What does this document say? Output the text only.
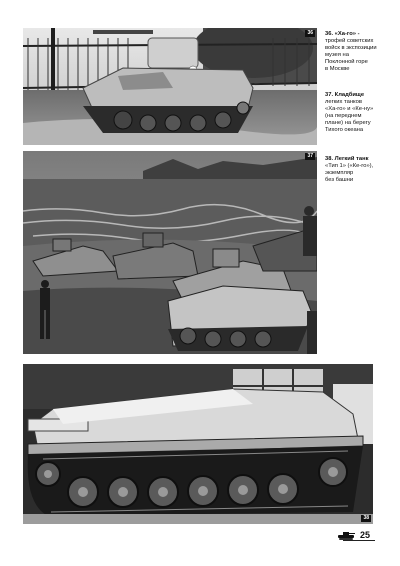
36
37
38
36. «Ха-го» -
трофей советских
войск в экспозиции
музея на
Поклонной горе
в Москве
37. Кладбище
легких танков
«Ха-го» и «Ке-ну»
(на переднем
плане) на берегу
Тихого океана
38. Легкий танк
«Тип 1» («Ке-го»),
экземпляр
без башни
25
